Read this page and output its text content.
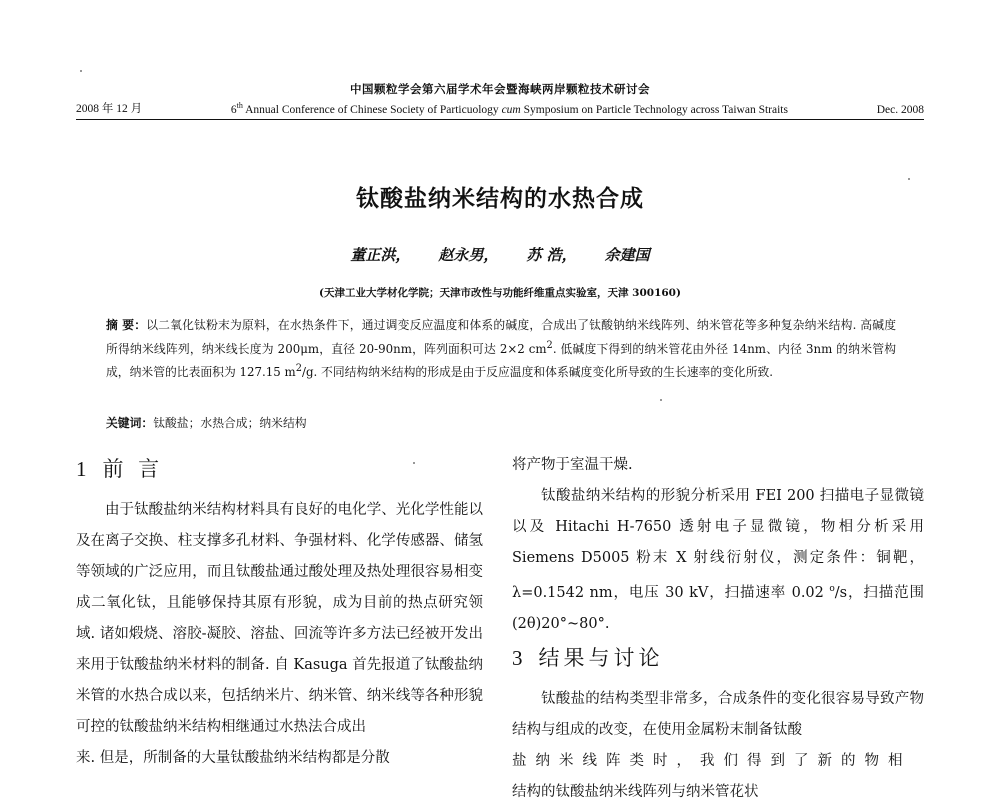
中国颗粒学会第六届学术年会暨海峡两岸颗粒技术研讨会
2008 年 12 月	6th Annual Conference of Chinese Society of Particuology cum Symposium on Particle Technology across Taiwan Straits	Dec. 2008
钛酸盐纳米结构的水热合成
董正洪， 赵永男， 苏 浩， 余建国
(天津工业大学材化学院；天津市改性与功能纤维重点实验室，天津 300160)
摘 要：以二氧化钛粉末为原料，在水热条件下，通过调变反应温度和体系的碱度，合成出了钛酸钠纳米线阵列、纳米管花等多种复杂纳米结构. 高碱度所得纳米线阵列，纳米线长度为 200μm，直径 20-90nm，阵列面积可达 2×2 $cm^2$. 低碱度下得到的纳米管花由外径 14nm、内径 3nm 的纳米管构成，纳米管的比表面积为 127.15 $m^2/g$. 不同结构纳米结构的形成是由于反应温度和体系碱度变化所导致的生长速率的变化所致.
关键词：钛酸盐；水热合成；纳米结构
1 前 言

由于钛酸盐纳米结构材料具有良好的电化学、光化学性能以及在离子交换、柱支撑多孔材料、争强材料、化学传感器、储氢等领域的广泛应用，而且钛酸盐通过酸处理及热处理很容易相变成二氧化钛，且能够保持其原有形貌，成为目前的热点研究领域. 诸如煅烧、溶胶-凝胶、溶盐、回流等许多方法已经被开发出来用于钛酸盐纳米材料的制备. 自 Kasuga 首先报道了钛酸盐纳米管的水热合成以来，包括纳米片、纳米管、纳米线等各种形貌可控的钛酸盐纳米结构相继通过水热法合成出

来. 但是，所制备的大量钛酸盐纳米结构都是分散

将产物于室温干燥.

钛酸盐纳米结构的形貌分析采用 FEI 200 扫描电子显微镜以及 Hitachi H-7650 透射电子显微镜，物相分析采用 Siemens D5005 粉末 X 射线衍射仪，测定条件：铜靶，λ=0.1542 nm，电压 30 kV，扫描速率 0.02 $^o$/s，扫描范围(2θ)20°~80°.

3 结果与讨论

钛酸盐的结构类型非常多，合成条件的变化很容易导致产物结构与组成的改变，在使用金属粉末制备钛酸

盐纳米线阵类时，我们得到了新的物相

结构的钛酸盐纳米线阵列与纳米管花状
